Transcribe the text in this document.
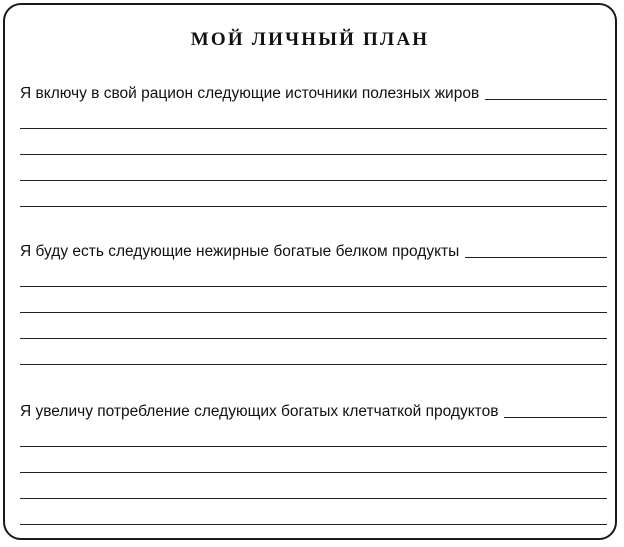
МОЙ ЛИЧНЫЙ ПЛАН
Я включу в свой рацион следующие источники полезных жиров
Я буду есть следующие нежирные богатые белком продукты
Я увеличу потребление следующих богатых клетчаткой продуктов
